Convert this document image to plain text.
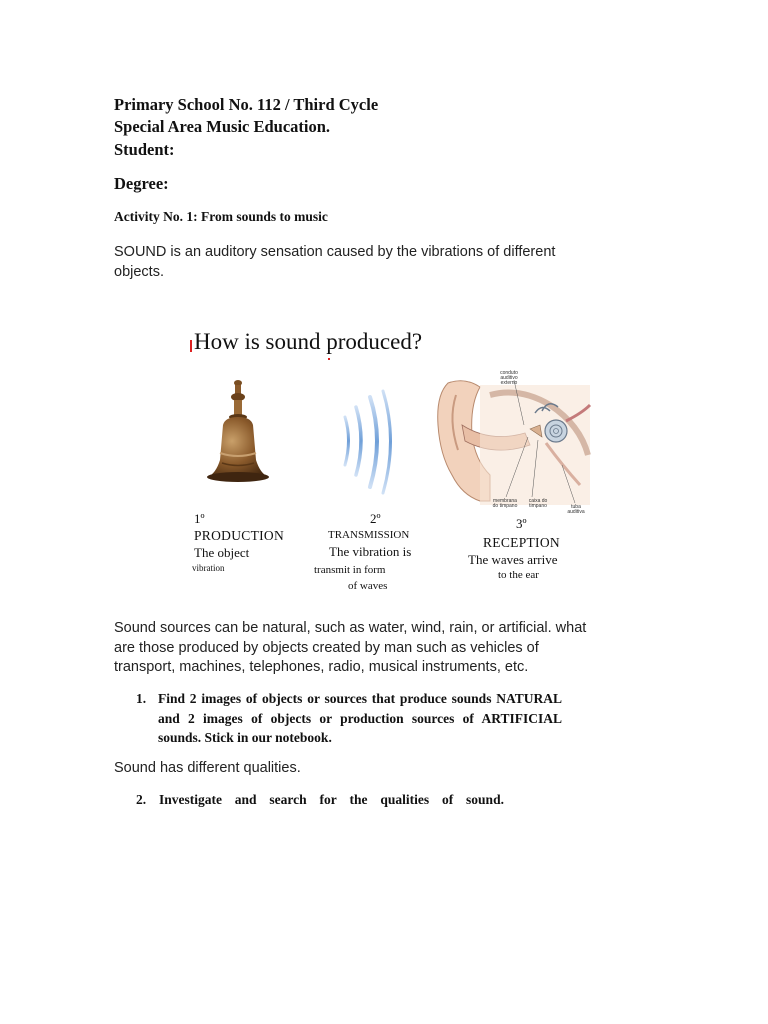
Primary School No. 112 / Third Cycle
Special Area Music Education.
Student:
Degree:
Activity No. 1: From sounds to music
SOUND is an auditory sensation caused by the vibrations of different objects.
How is sound produced?
conduto auditivo externo
membrana do timpano
caixa do timpano	tuba auditiva
1º
PRODUCTION
The object
vibration
2º
TRANSMISSION
The vibration is
transmit in form
of waves
3º
RECEPTION
The waves arrive
to the ear
Sound sources can be natural, such as water, wind, rain, or artificial. what are those produced by objects created by man such as vehicles of transport, machines, telephones, radio, musical instruments, etc.
1. Find 2 images of objects or sources that produce sounds NATURAL and 2 images of objects or production sources of ARTIFICIAL sounds. Stick in our notebook.
Sound has different qualities.
2. Investigate and search for the qualities of sound.
